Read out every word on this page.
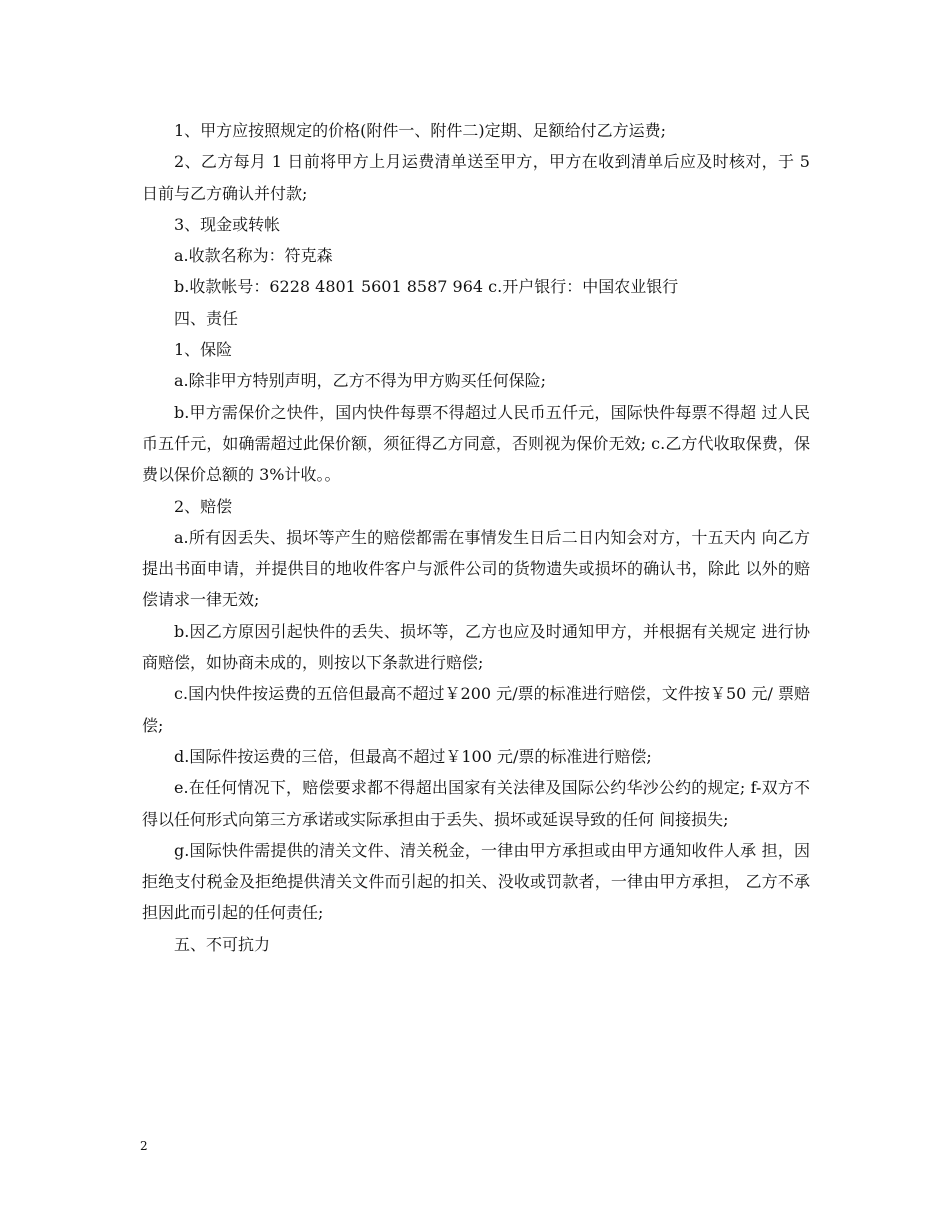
1、甲方应按照规定的价格(附件一、附件二)定期、足额给付乙方运费;

2、乙方每月 1 日前将甲方上月运费清单送至甲方，甲方在收到清单后应及时核对，于 5 日前与乙方确认并付款;

3、现金或转帐

a.收款名称为：符克森

b.收款帐号：6228 4801 5601 8587 964 c.开户银行：中国农业银行

四、责任

1、保险

a.除非甲方特别声明，乙方不得为甲方购买任何保险;

b.甲方需保价之快件，国内快件每票不得超过人民币五仟元，国际快件每票不得超 过人民币五仟元，如确需超过此保价额，须征得乙方同意，否则视为保价无效; c.乙方代收取保费，保费以保价总额的 3%计收。。

2、赔偿

a.所有因丢失、损坏等产生的赔偿都需在事情发生日后二日内知会对方，十五天内 向乙方提出书面申请，并提供目的地收件客户与派件公司的货物遗失或损坏的确认书，除此 以外的赔偿请求一律无效;

b.因乙方原因引起快件的丢失、损坏等，乙方也应及时通知甲方，并根据有关规定 进行协商赔偿，如协商未成的，则按以下条款进行赔偿;

c.国内快件按运费的五倍但最高不超过￥200 元/票的标准进行赔偿，文件按￥50 元/ 票赔偿;

d.国际件按运费的三倍，但最高不超过￥100 元/票的标准进行赔偿;

e.在任何情况下，赔偿要求都不得超出国家有关法律及国际公约华沙公约的规定; f-双方不得以任何形式向第三方承诺或实际承担由于丢失、损坏或延误导致的任何 间接损失;

g.国际快件需提供的清关文件、清关税金，一律由甲方承担或由甲方通知收件人承 担，因拒绝支付税金及拒绝提供清关文件而引起的扣关、没收或罚款者，一律由甲方承担， 乙方不承担因此而引起的任何责任;

五、不可抗力

2
